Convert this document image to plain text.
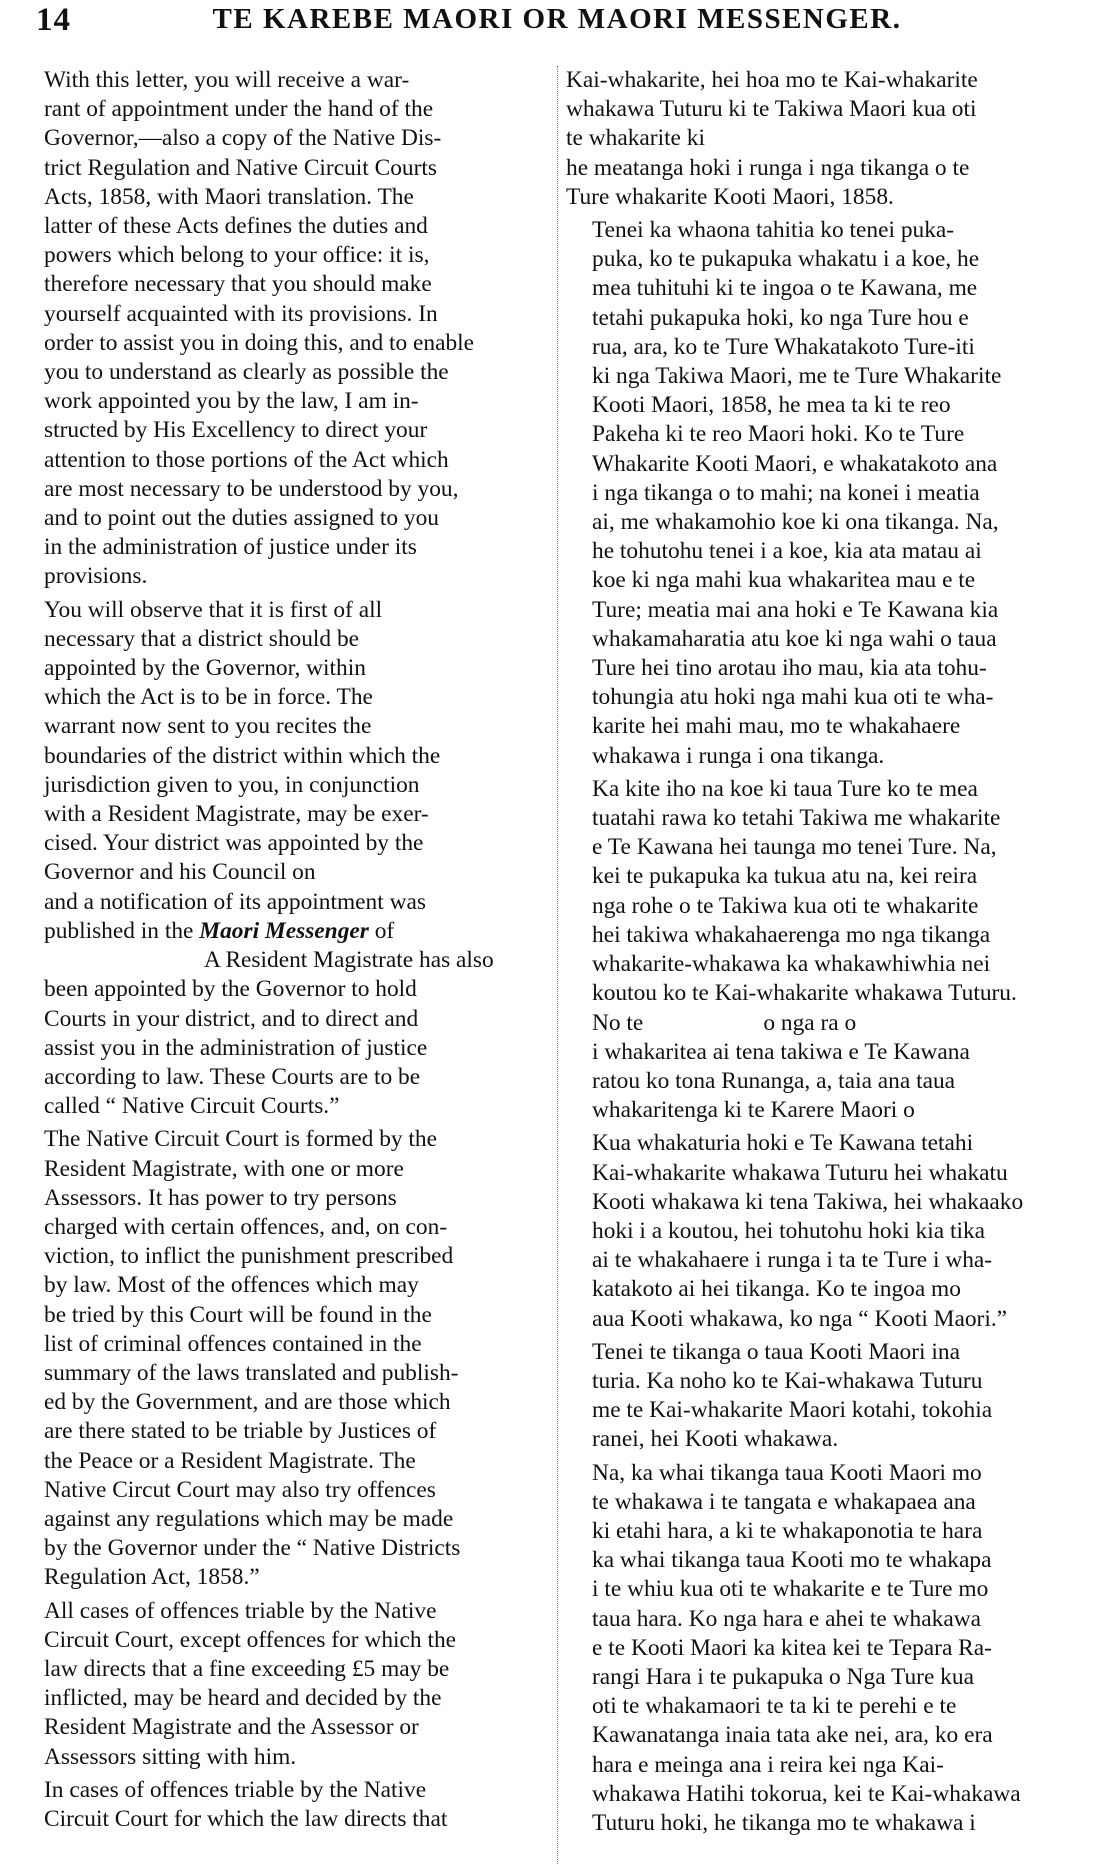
14	TE KAREBE MAORI OR MAORI MESSENGER.

With this letter, you will receive a war-
rant of appointment under the hand of the
Governor,—also a copy of the Native Dis-
trict Regulation and Native Circuit Courts
Acts, 1858, with Maori translation. The
latter of these Acts defines the duties and
powers which belong to your office: it is,
therefore necessary that you should make
yourself acquainted with its provisions. In
order to assist you in doing this, and to enable
you to understand as clearly as possible the
work appointed you by the law, I am in-
structed by His Excellency to direct your
attention to those portions of the Act which
are most necessary to be understood by you,
and to point out the duties assigned to you
in the administration of justice under its
provisions.

You will observe that it is first of all
necessary that a district should be
appointed by the Governor, within
which the Act is to be in force. The
warrant now sent to you recites the
boundaries of the district within which the
jurisdiction given to you, in conjunction
with a Resident Magistrate, may be exer-
cised. Your district was appointed by the
Governor and his Council on
and a notification of its appointment was
published in the Maori Messenger of
A Resident Magistrate has also
been appointed by the Governor to hold
Courts in your district, and to direct and
assist you in the administration of justice
according to law. These Courts are to be
called “ Native Circuit Courts.”

The Native Circuit Court is formed by the
Resident Magistrate, with one or more
Assessors. It has power to try persons
charged with certain offences, and, on con-
viction, to inflict the punishment prescribed
by law. Most of the offences which may
be tried by this Court will be found in the
list of criminal offences contained in the
summary of the laws translated and publish-
ed by the Government, and are those which
are there stated to be triable by Justices of
the Peace or a Resident Magistrate. The
Native Circut Court may also try offences
against any regulations which may be made
by the Governor under the “ Native Districts
Regulation Act, 1858.”

All cases of offences triable by the Native
Circuit Court, except offences for which the
law directs that a fine exceeding £5 may be
inflicted, may be heard and decided by the
Resident Magistrate and the Assessor or
Assessors sitting with him.

In cases of offences triable by the Native
Circuit Court for which the law directs that

Kai-whakarite, hei hoa mo te Kai-whakarite
whakawa Tuturu ki te Takiwa Maori kua oti
te whakarite ki
he meatanga hoki i runga i nga tikanga o te
Ture whakarite Kooti Maori, 1858.

Tenei ka whaona tahitia ko tenei puka-
puka, ko te pukapuka whakatu i a koe, he
mea tuhituhi ki te ingoa o te Kawana, me
tetahi pukapuka hoki, ko nga Ture hou e
rua, ara, ko te Ture Whakatakoto Ture-iti
ki nga Takiwa Maori, me te Ture Whakarite
Kooti Maori, 1858, he mea ta ki te reo
Pakeha ki te reo Maori hoki. Ko te Ture
Whakarite Kooti Maori, e whakatakoto ana
i nga tikanga o to mahi; na konei i meatia
ai, me whakamohio koe ki ona tikanga. Na,
he tohutohu tenei i a koe, kia ata matau ai
koe ki nga mahi kua whakaritea mau e te
Ture; meatia mai ana hoki e Te Kawana kia
whakamaharatia atu koe ki nga wahi o taua
Ture hei tino arotau iho mau, kia ata tohu-
tohungia atu hoki nga mahi kua oti te wha-
karite hei mahi mau, mo te whakahaere
whakawa i runga i ona tikanga.

Ka kite iho na koe ki taua Ture ko te mea
tuatahi rawa ko tetahi Takiwa me whakarite
e Te Kawana hei taunga mo tenei Ture. Na,
kei te pukapuka ka tukua atu na, kei reira
nga rohe o te Takiwa kua oti te whakarite
hei takiwa whakahaerenga mo nga tikanga
whakarite-whakawa ka whakawhiwhia nei
koutou ko te Kai-whakarite whakawa Tuturu.
No te	o nga ra o
i whakaritea ai tena takiwa e Te Kawana
ratou ko tona Runanga, a, taia ana taua
whakaritenga ki te Karere Maori o

Kua whakaturia hoki e Te Kawana tetahi
Kai-whakarite whakawa Tuturu hei whakatu
Kooti whakawa ki tena Takiwa, hei whakaako
hoki i a koutou, hei tohutohu hoki kia tika
ai te whakahaere i runga i ta te Ture i wha-
katakoto ai hei tikanga. Ko te ingoa mo
aua Kooti whakawa, ko nga “ Kooti Maori.”

Tenei te tikanga o taua Kooti Maori ina
turia. Ka noho ko te Kai-whakawa Tuturu
me te Kai-whakarite Maori kotahi, tokohia
ranei, hei Kooti whakawa.

Na, ka whai tikanga taua Kooti Maori mo
te whakawa i te tangata e whakapaea ana
ki etahi hara, a ki te whakaponotia te hara
ka whai tikanga taua Kooti mo te whakapa
i te whiu kua oti te whakarite e te Ture mo
taua hara. Ko nga hara e ahei te whakawa
e te Kooti Maori ka kitea kei te Tepara Ra-
rangi Hara i te pukapuka o Nga Ture kua
oti te whakamaori te ta ki te perehi e te
Kawanatanga inaia tata ake nei, ara, ko era
hara e meinga ana i reira kei nga Kai-
whakawa Hatihi tokorua, kei te Kai-whakawa
Tuturu hoki, he tikanga mo te whakawa i
